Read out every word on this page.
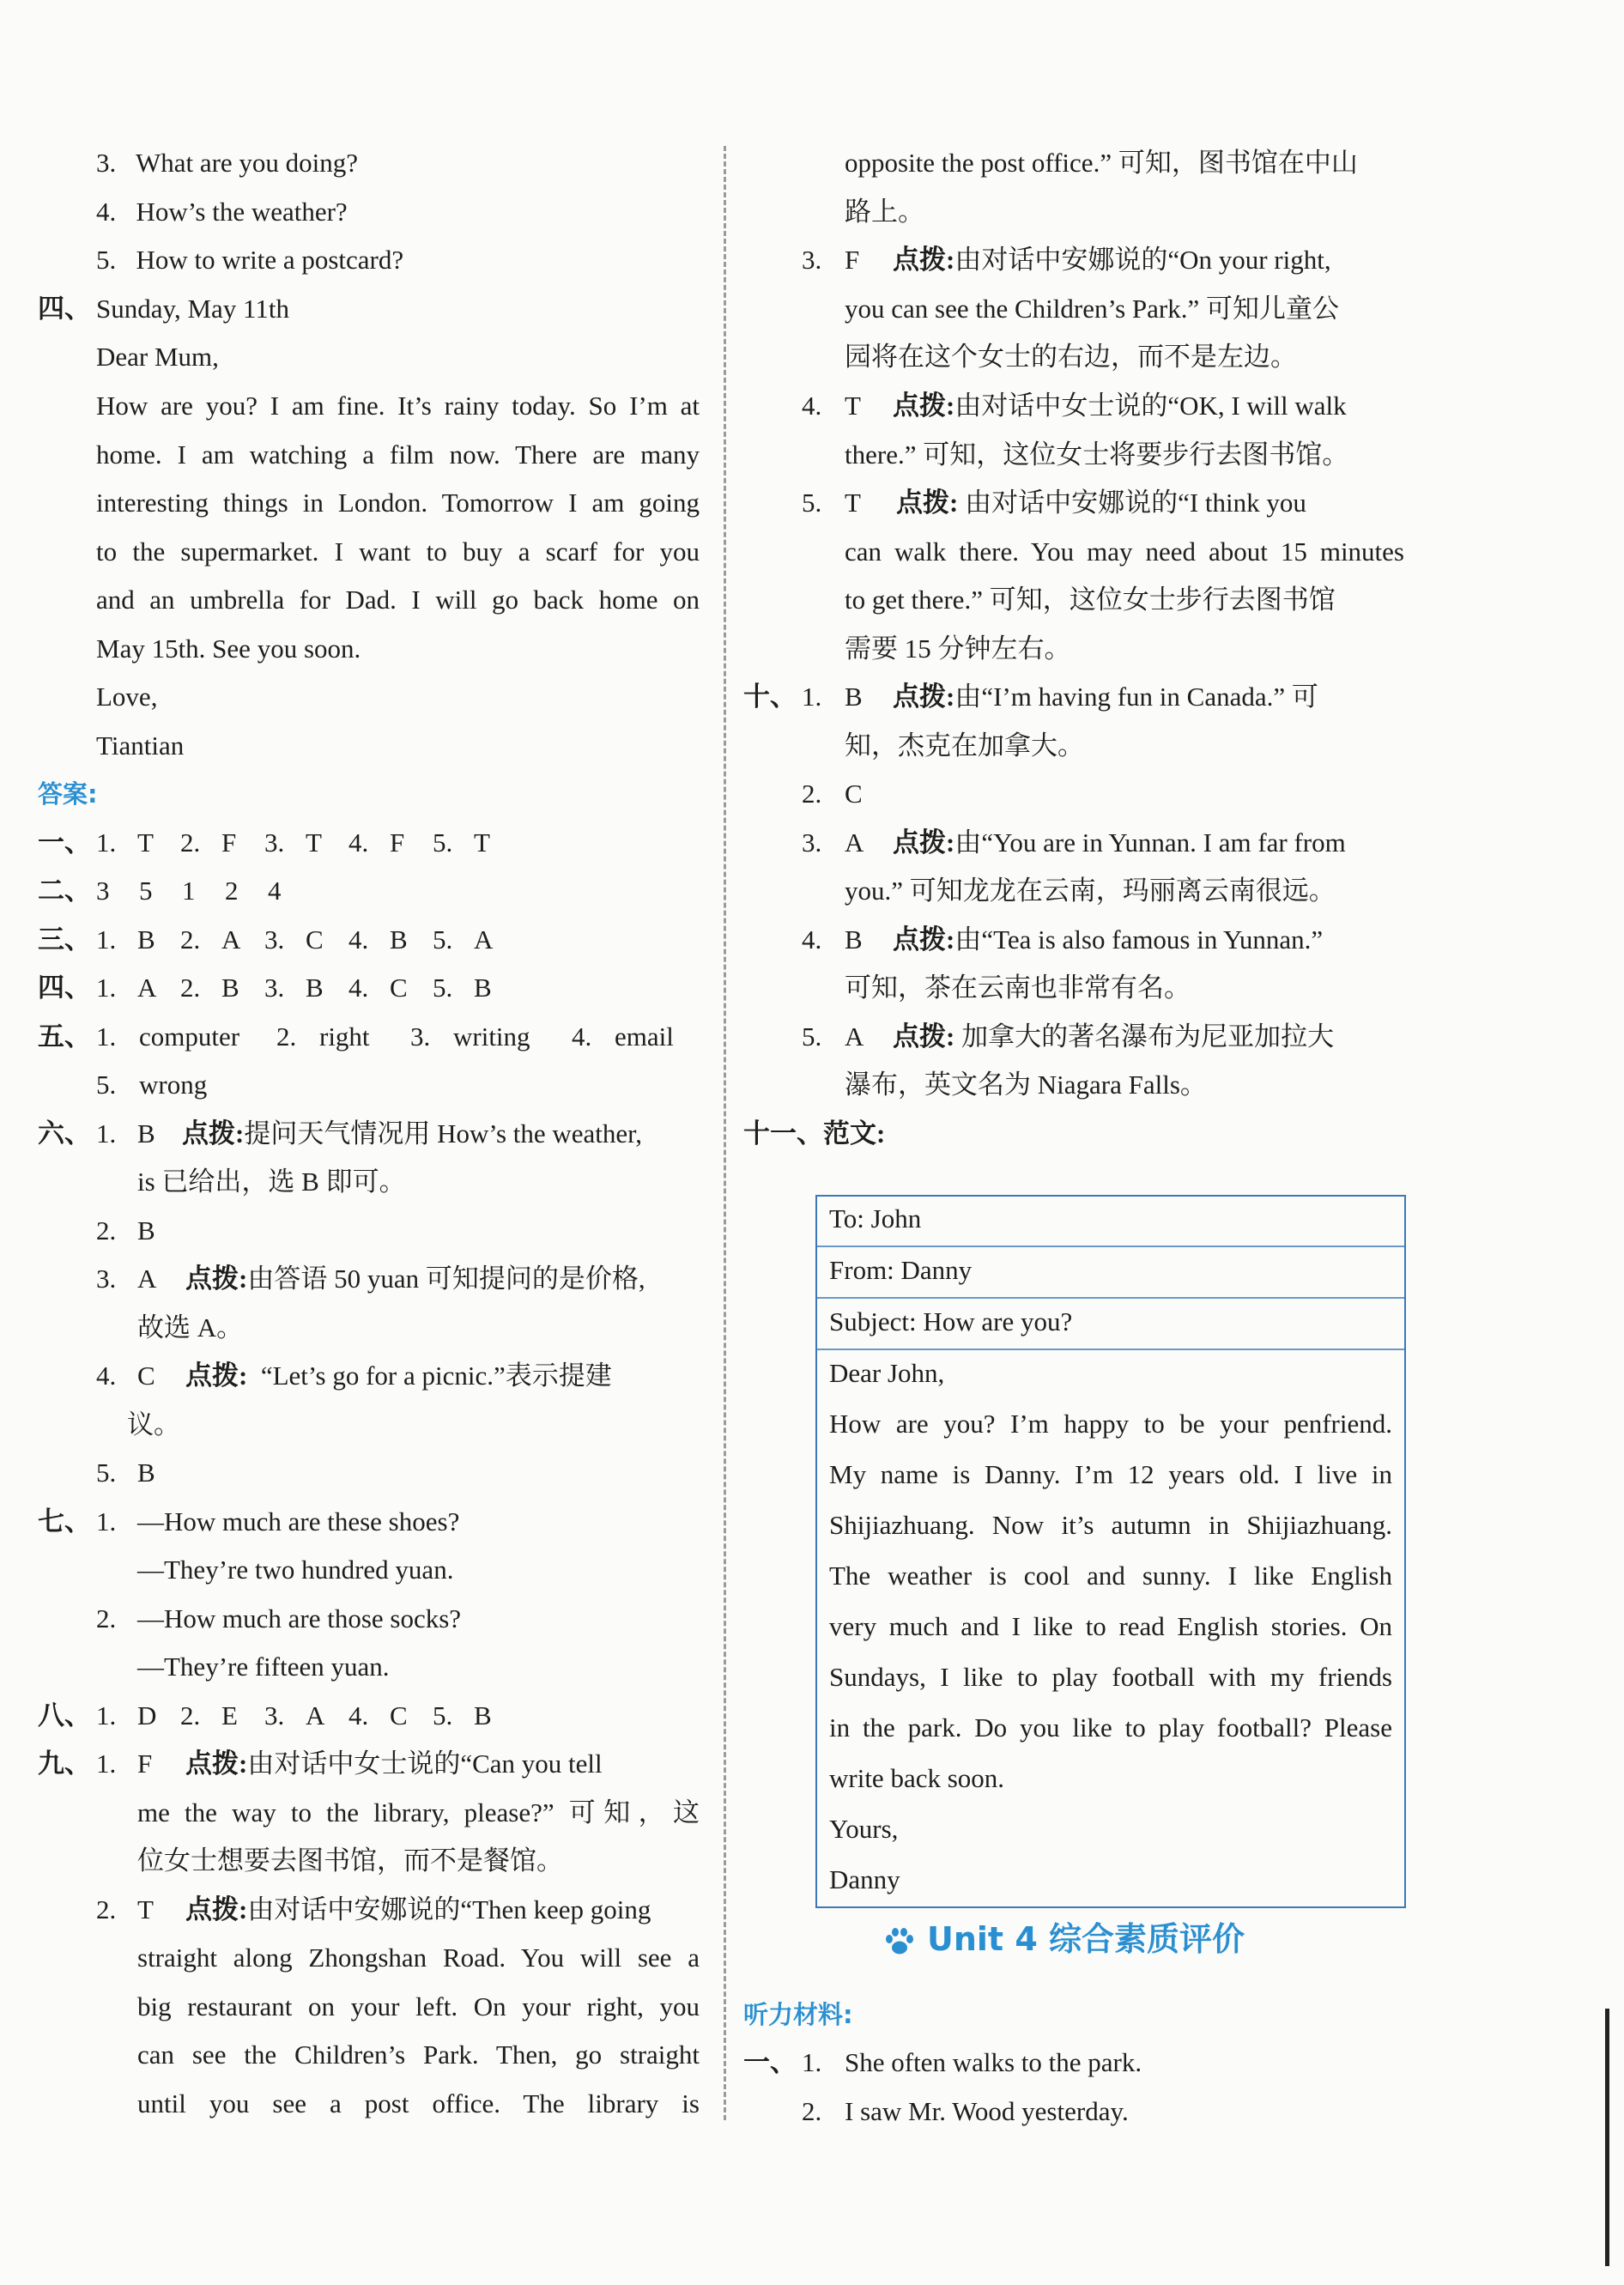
3. What are you doing?
4. How’s the weather?
5. How to write a postcard?
四、 Sunday, May 11th
Dear Mum,
How are you? I am fine. It’s rainy today. So I’m at
home. I am watching a film now. There are many
interesting things in London. Tomorrow I am going
to the supermarket. I want to buy a scarf for you
and an umbrella for Dad. I will go back home on
May 15th. See you soon.
Love,
Tiantian
答案:
一、 1. T 2. F 3. T 4. F 5. T
二、 3 5 1 2 4
三、 1. B 2. A 3. C 4. B 5. A
四、 1. A 2. B 3. B 4. C 5. B
五、 1. computer 2. right 3. writing 4. email
5. wrong
六、 1. B 点拨:提问天气情况用 How’s the weather,
is 已给出，选 B 即可。
2. B
3. A 点拨:由答语 50 yuan 可知提问的是价格,
故选 A。
4. C 点拨: “Let’s go for a picnic.”表示提建
议。
5. B
七、 1. —How much are these shoes?
—They’re two hundred yuan.
2. —How much are those socks?
—They’re fifteen yuan.
八、 1. D 2. E 3. A 4. C 5. B
九、 1. F 点拨:由对话中女士说的“Can you tell
me the way to the library, please?” 可知，这
位女士想要去图书馆，而不是餐馆。
2. T 点拨:由对话中安娜说的“Then keep going
straight along Zhongshan Road. You will see a
big restaurant on your left. On your right, you
can see the Children’s Park. Then, go straight
until you see a post office. The library is
opposite the post office.” 可知，图书馆在中山
路上。
3. F 点拨:由对话中安娜说的“On your right,
you can see the Children’s Park.” 可知儿童公
园将在这个女士的右边，而不是左边。
4. T 点拨:由对话中女士说的“OK, I will walk
there.” 可知，这位女士将要步行去图书馆。
5. T 点拨: 由对话中安娜说的“I think you
can walk there. You may need about 15 minutes
to get there.” 可知，这位女士步行去图书馆
需要 15 分钟左右。
十、 1. B 点拨:由“I’m having fun in Canada.” 可
知，杰克在加拿大。
2. C
3. A 点拨:由“You are in Yunnan. I am far from
you.” 可知龙龙在云南，玛丽离云南很远。
4. B 点拨:由“Tea is also famous in Yunnan.”
可知，茶在云南也非常有名。
5. A 点拨: 加拿大的著名瀑布为尼亚加拉大
瀑布，英文名为 Niagara Falls。
十一、范文:
To: John
From: Danny
Subject: How are you?
Dear John,
How are you? I’m happy to be your penfriend.
My name is Danny. I’m 12 years old. I live in
Shijiazhuang. Now it’s autumn in Shijiazhuang.
The weather is cool and sunny. I like English
very much and I like to read English stories. On
Sundays, I like to play football with my friends
in the park. Do you like to play football? Please
write back soon.
Yours,
Danny
Unit 4 综合素质评价
听力材料:
一、 1. She often walks to the park.
2. I saw Mr. Wood yesterday.
